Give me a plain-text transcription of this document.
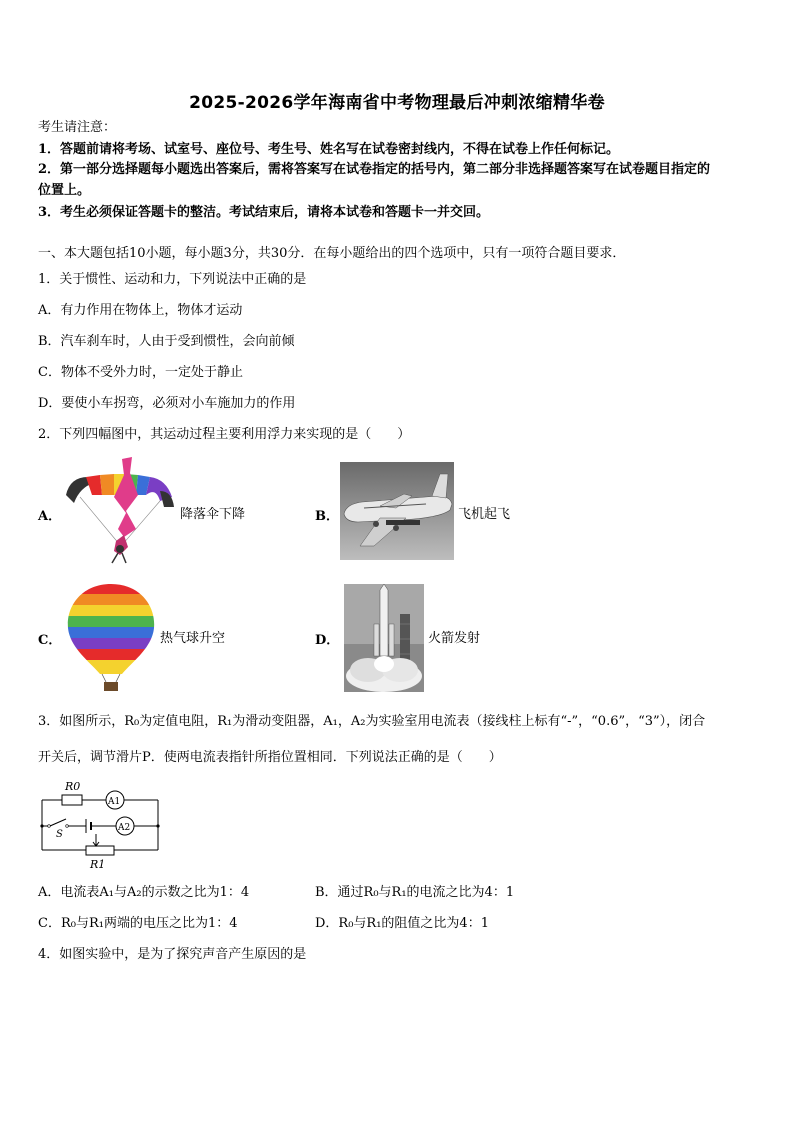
2025-2026学年海南省中考物理最后冲刺浓缩精华卷
考生请注意：
1．答题前请将考场、试室号、座位号、考生号、姓名写在试卷密封线内，不得在试卷上作任何标记。
2．第一部分选择题每小题选出答案后，需将答案写在试卷指定的括号内，第二部分非选择题答案写在试卷题目指定的
位置上。
3．考生必须保证答题卡的整洁。考试结束后，请将本试卷和答题卡一并交回。
一、本大题包括10小题，每小题3分，共30分．在每小题给出的四个选项中，只有一项符合题目要求．
1．关于惯性、运动和力，下列说法中正确的是
A．有力作用在物体上，物体才运动
B．汽车刹车时，人由于受到惯性，会向前倾
C．物体不受外力时，一定处于静止
D．要使小车拐弯，必须对小车施加力的作用
2．下列四幅图中，其运动过程主要利用浮力来实现的是（　　）
A．	降落伞下降	B．	飞机起飞
C．	热气球升空	D．	火箭发射
3．如图所示，R₀为定值电阻，R₁为滑动变阻器，A₁，A₂为实验室用电流表（接线柱上标有“-”，“0.6”，“3”），闭合
开关后，调节滑片P．使两电流表指针所指位置相同．下列说法正确的是（　　）
R0
A1
A2
S
R1
A．电流表A₁与A₂的示数之比为1：4	B．通过R₀与R₁的电流之比为4：1
C．R₀与R₁两端的电压之比为1：4	D．R₀与R₁的阻值之比为4：1
4．如图实验中，是为了探究声音产生原因的是
